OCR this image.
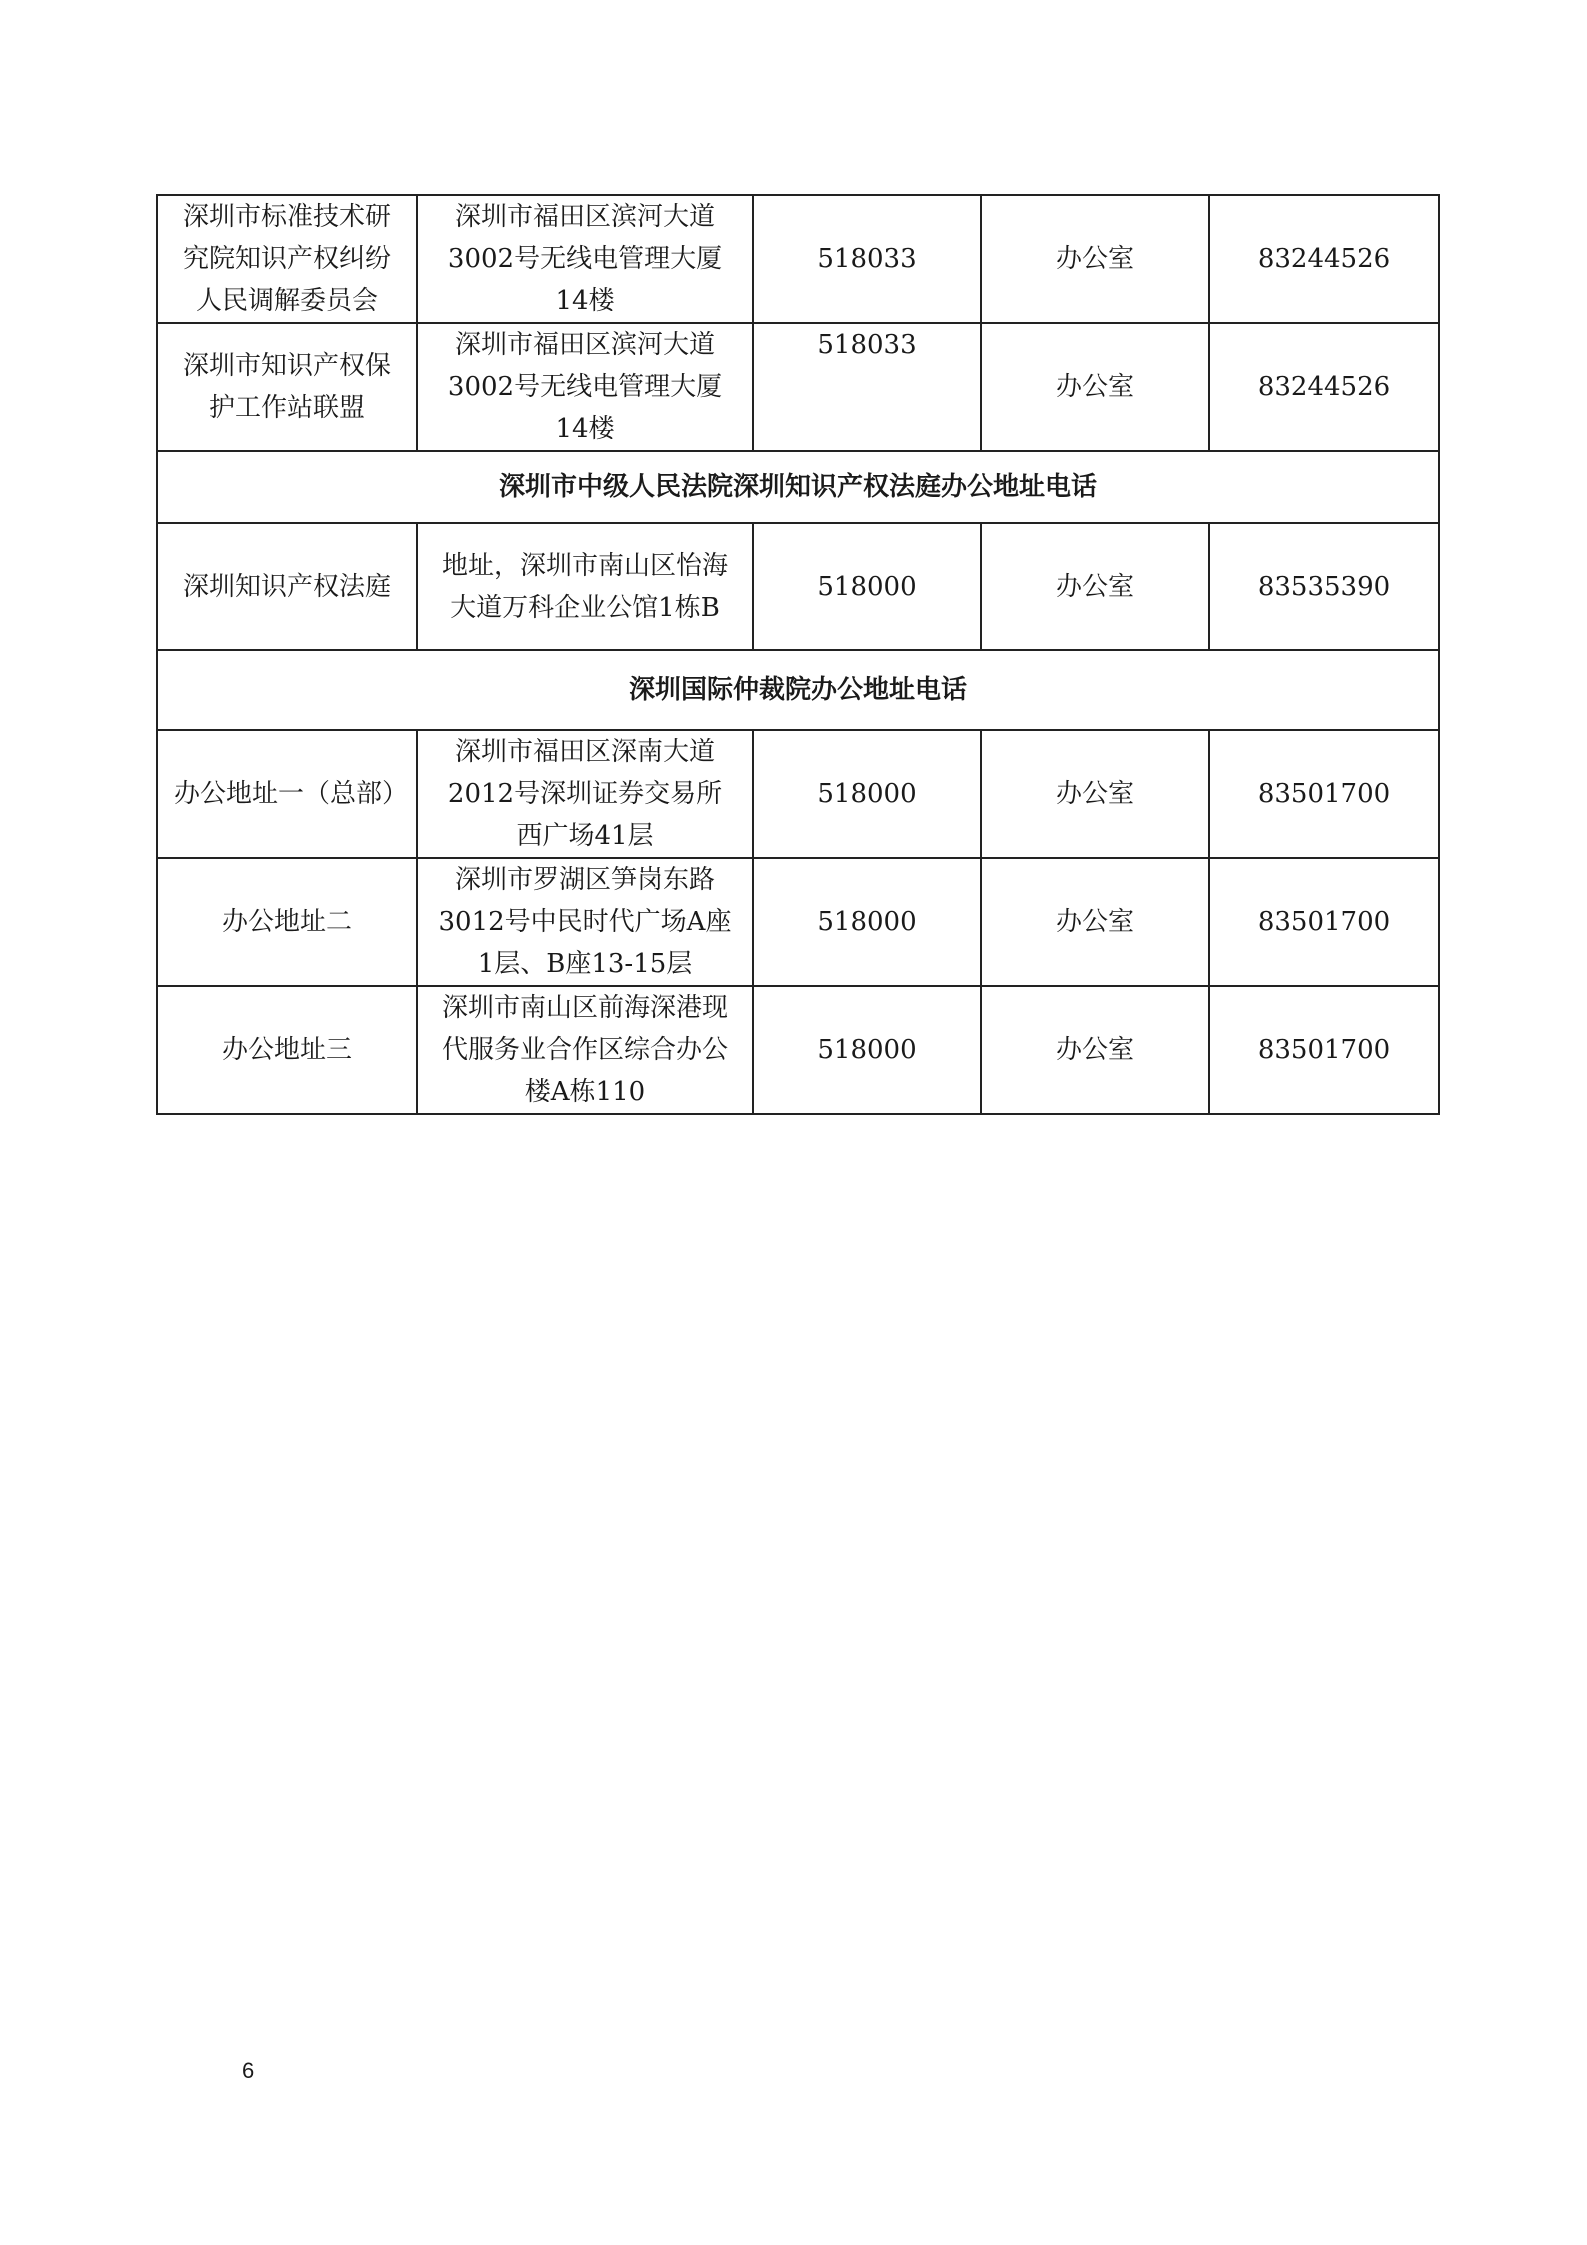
深圳市标准技术研究院知识产权纠纷人民调解委员会	深圳市福田区滨河大道3002号无线电管理大厦14楼	518033	办公室	83244526
深圳市知识产权保护工作站联盟	深圳市福田区滨河大道3002号无线电管理大厦14楼	518033	办公室	83244526
深圳市中级人民法院深圳知识产权法庭办公地址电话				
深圳知识产权法庭	地址，深圳市南山区怡海大道万科企业公馆1栋B	518000	办公室	83535390
深圳国际仲裁院办公地址电话				
办公地址一（总部）	深圳市福田区深南大道2012号深圳证券交易所西广场41层	518000	办公室	83501700
办公地址二	深圳市罗湖区笋岗东路3012号中民时代广场A座1层、B座13-15层	518000	办公室	83501700
办公地址三	深圳市南山区前海深港现代服务业合作区综合办公楼A栋110	518000	办公室	83501700
6
